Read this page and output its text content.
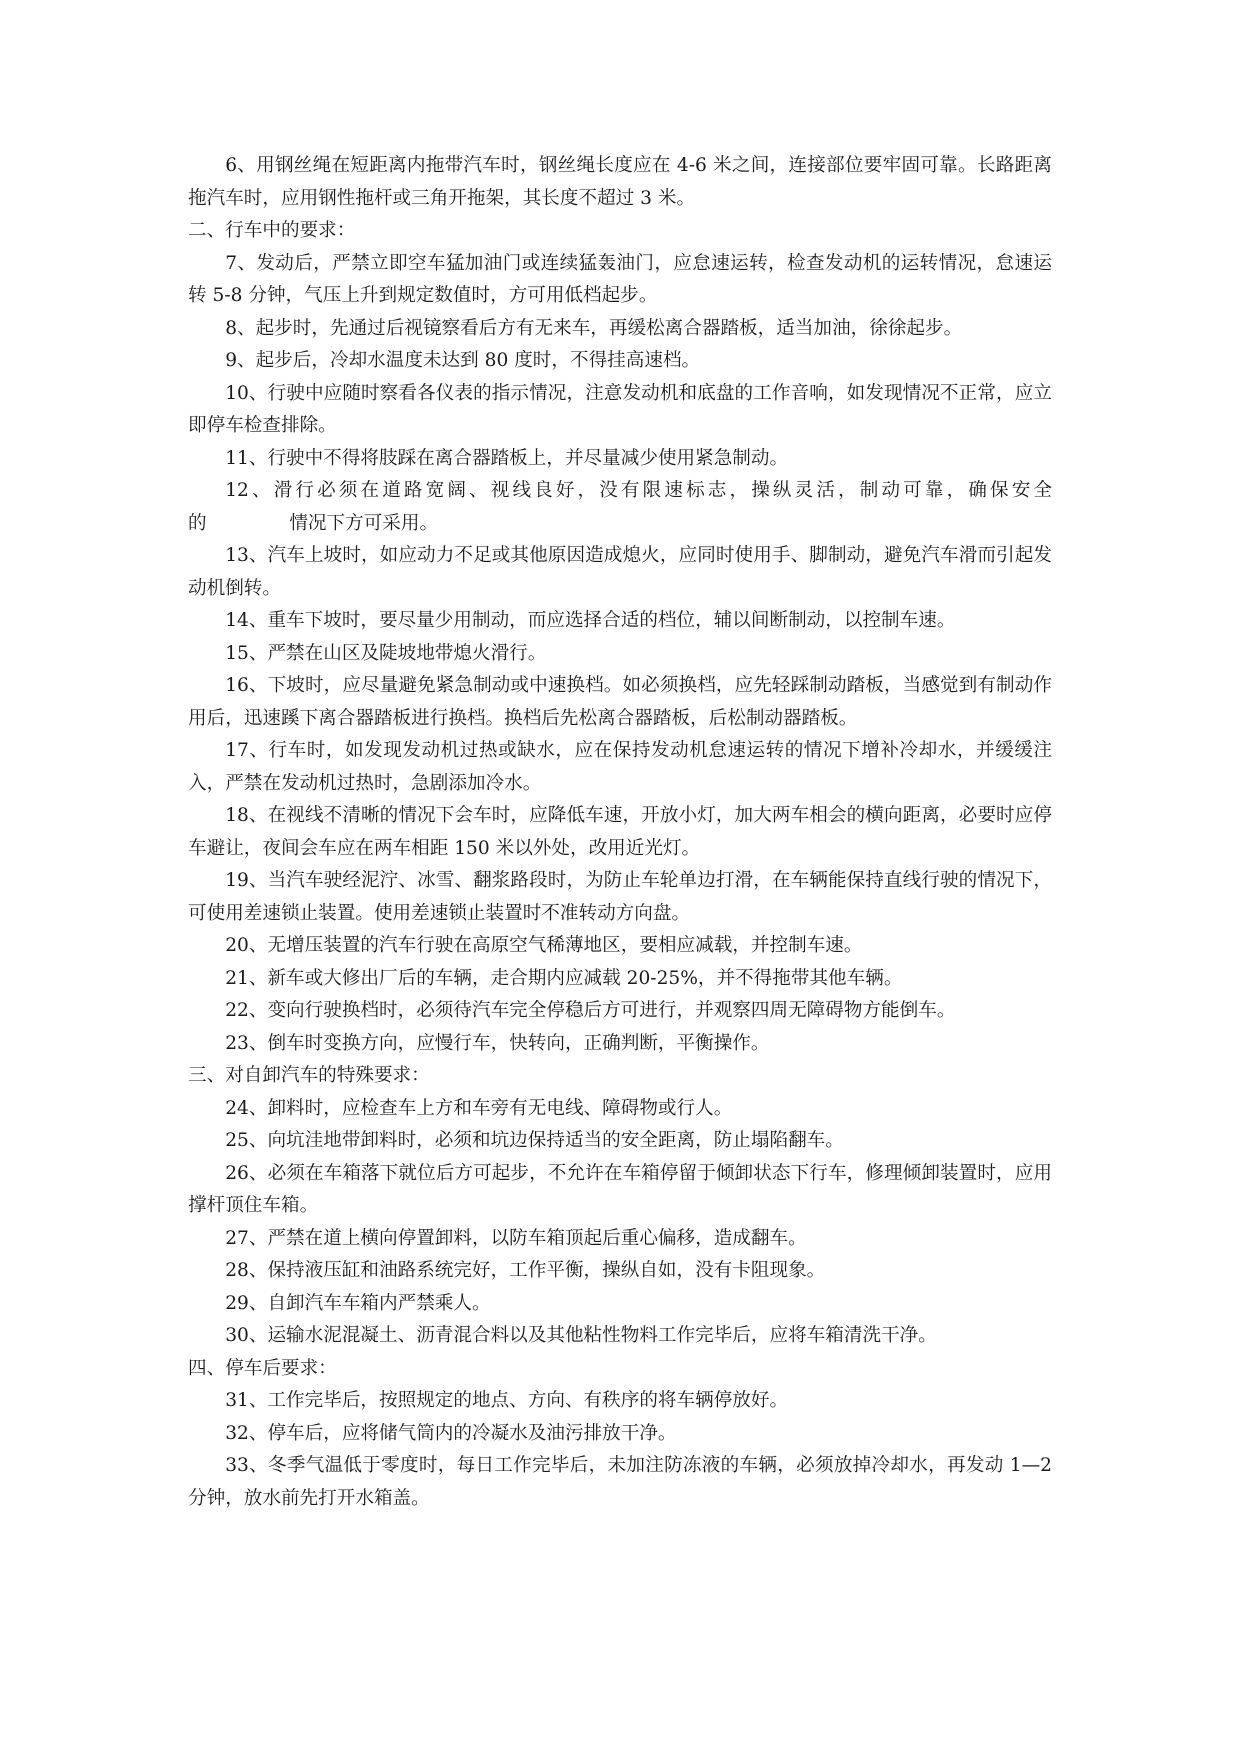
6、用钢丝绳在短距离内拖带汽车时，钢丝绳长度应在 4-6 米之间，连接部位要牢固可靠。长路距离拖汽车时，应用钢性拖杆或三角开拖架，其长度不超过 3 米。

二、行车中的要求：

7、发动后，严禁立即空车猛加油门或连续猛轰油门，应怠速运转，检查发动机的运转情况，怠速运转 5-8 分钟，气压上升到规定数值时，方可用低档起步。

8、起步时，先通过后视镜察看后方有无来车，再缓松离合器踏板，适当加油，徐徐起步。

9、起步后，冷却水温度未达到 80 度时，不得挂高速档。

10、行驶中应随时察看各仪表的指示情况，注意发动机和底盘的工作音响，如发现情况不正常，应立即停车检查排除。

11、行驶中不得将肢踩在离合器踏板上，并尽量减少使用紧急制动。

12、滑行必须在道路宽阔、视线良好，没有限速标志，操纵灵活，制动可靠，确保安全的              情况下方可采用。

13、汽车上坡时，如应动力不足或其他原因造成熄火，应同时使用手、脚制动，避免汽车滑而引起发动机倒转。

14、重车下坡时，要尽量少用制动，而应选择合适的档位，辅以间断制动，以控制车速。

15、严禁在山区及陡坡地带熄火滑行。

16、下坡时，应尽量避免紧急制动或中速换档。如必须换档，应先轻踩制动踏板，当感觉到有制动作用后，迅速蹊下离合器踏板进行换档。换档后先松离合器踏板，后松制动器踏板。

17、行车时，如发现发动机过热或缺水，应在保持发动机怠速运转的情况下增补冷却水，并缓缓注入，严禁在发动机过热时，急剧添加冷水。

18、在视线不清晰的情况下会车时，应降低车速，开放小灯，加大两车相会的横向距离，必要时应停车避让，夜间会车应在两车相距 150 米以外处，改用近光灯。

19、当汽车驶经泥泞、冰雪、翻浆路段时，为防止车轮单边打滑，在车辆能保持直线行驶的情况下，可使用差速锁止装置。使用差速锁止装置时不准转动方向盘。

20、无增压装置的汽车行驶在高原空气稀薄地区，要相应减载，并控制车速。

21、新车或大修出厂后的车辆，走合期内应减载 20-25%，并不得拖带其他车辆。

22、变向行驶换档时，必须待汽车完全停稳后方可进行，并观察四周无障碍物方能倒车。

23、倒车时变换方向，应慢行车，快转向，正确判断，平衡操作。

三、对自卸汽车的特殊要求：

24、卸料时，应检查车上方和车旁有无电线、障碍物或行人。

25、向坑洼地带卸料时，必须和坑边保持适当的安全距离，防止塌陷翻车。

26、必须在车箱落下就位后方可起步，不允许在车箱停留于倾卸状态下行车，修理倾卸装置时，应用撑杆顶住车箱。

27、严禁在道上横向停置卸料，以防车箱顶起后重心偏移，造成翻车。

28、保持液压缸和油路系统完好，工作平衡，操纵自如，没有卡阻现象。

29、自卸汽车车箱内严禁乘人。

30、运输水泥混凝土、沥青混合料以及其他粘性物料工作完毕后，应将车箱清洗干净。

四、停车后要求：

31、工作完毕后，按照规定的地点、方向、有秩序的将车辆停放好。

32、停车后，应将储气筒内的冷凝水及油污排放干净。

33、冬季气温低于零度时，每日工作完毕后，未加注防冻液的车辆，必须放掉冷却水，再发动 1—2 分钟，放水前先打开水箱盖。
